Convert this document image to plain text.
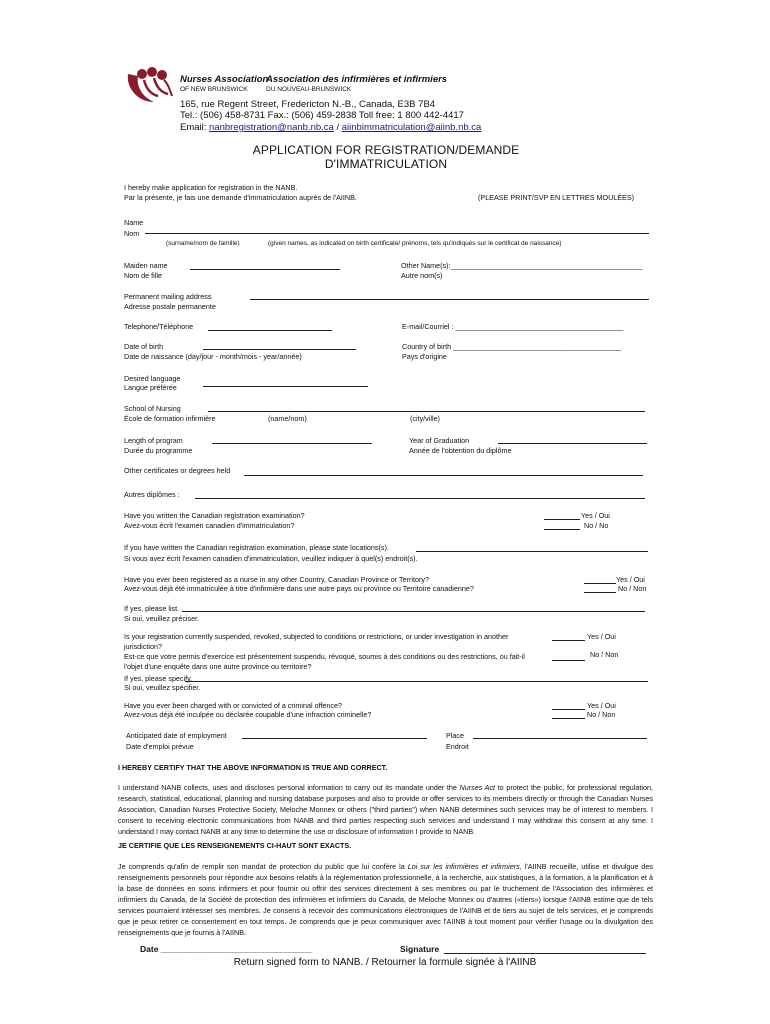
Nurses Association
Association des infirmières et infirmiers
OF NEW BRUNSWICK	DU NOUVEAU-BRUNSWICK
165, rue Regent Street, Fredericton N.-B., Canada, E3B 7B4
Tel.: (506) 458-8731 Fax.: (506) 459-2838 Toll free: 1 800 442-4417
Email: nanbregistration@nanb.nb.ca / aiinbimmatriculation@aiinb.nb.ca
APPLICATION FOR REGISTRATION/DEMANDE
D'IMMATRICULATION
I hereby make application for registration in the NANB.
Par la présente, je fais une demande d'immatriculation auprès de l'AIINB.	(PLEASE PRINT/SVP EN LETTRES MOULÉES)
Name
Nom
(surname/nom de famille)	(given names, as indicated on birth certificate/ prénoms, tels qu'indiqués sur le certificat de naissance)
Maiden name
Nom de fille
Other Name(s):________________________________________________
Autre nom(s)
Permanent mailing address
Adresse postale permanente
Telephone/Téléphone	E-mail/Courriel : __________________________________________
Date of birth
Date de naissance (day/jour - month/mois - year/année)
Country of birth __________________________________________
Pays d'origine
Desired language
Langue préférée
School of Nursing
École de formation infirmière	(name/nom)	(city/ville)
Length of program
Durée du programme
Year of Graduation
Année de l'obtention du diplôme
Other certificates or degrees held
Autres diplômes :
Have you written the Canadian registration examination?
Avez-vous écrit l'examen canadien d'immatriculation?
Yes / Oui
No / No
If you have written the Canadian registration examination, please state locations(s).
Si vous avez écrit l'examen canadien d'immatriculation, veuillez indiquer à quel(s) endroit(s).
Have you ever been registered as a nurse in any other Country, Canadian Province or Territory?
Avez-vous déjà été immatriculée à titre d'infirmière dans une autre pays ou province ou Territoire canadienne?
Yes / Oui
No / Non
If yes, please list.
Si oui, veuillez préciser.
Is your registration currently suspended, revoked, subjected to conditions or restrictions, or under investigation in another
jurisdiction?
Est-ce que votre permis d'exercice est présentement suspendu, révoqué, soumis à des conditions ou des restrictions, ou fait-il
l'objet d'une enquête dans une autre province ou territoire?
Yes / Oui
No / Non
If yes, please specify.
Si oui, veuillez spécifier.
Have you ever been charged with or convicted of a criminal offence?
Avez-vous déjà été inculpée ou déclarée coupable d'une infraction criminelle?
Yes / Oui
No / Non
Anticipated date of employment
Date d'emploi prévue
Place
Endroit
I HEREBY CERTIFY THAT THE ABOVE INFORMATION IS TRUE AND CORRECT.
I understand NANB collects, uses and discloses personal information to carry out its mandate under the Nurses Act to protect the public, for professional regulation, research, statistical, educational, planning and nursing database purposes and also to provide or offer services to its members directly or through the Canadian Nurses Association, Canadian Nurses Protective Society, Meloche Monnex or others ("third parties") when NANB determines such services may be of interest to members. I consent to receiving electronic communications from NANB and third parties respecting such services and understand I may withdraw this consent at any time. I understand I may contact NANB at any time to determine the use or disclosure of information I provide to NANB.
JE CERTIFIE QUE LES RENSEIGNEMENTS CI-HAUT SONT EXACTS.
Je comprends qu'afin de remplir son mandat de protection du public que lui confère la Loi sur les infirmières et infirmiers, l'AIINB recueille, utilise et divulgue des renseignements personnels pour répondre aux besoins relatifs à la réglementation professionnelle, à la recherche, aux statistiques, à la formation, à la planification et à la base de données en soins infirmiers et pour fournir ou offrir des services directement à ses membres ou par le truchement de l'Association des infirmières et infirmiers du Canada, de la Société de protection des infirmières et infirmiers du Canada, de Meloche Monnex ou d'autres («tiers») lorsque l'AIINB estime que de tels services pourraient intéresser ses membres. Je consens à recevoir des communications électroniques de l'AIINB et de tiers au sujet de tels services, et je comprends que je peux retirer ce consentement en tout temps. Je comprends que je peux communiquer avec l'AIINB à tout moment pour vérifier l'usage ou la divulgation des renseignements que je fournis à l'AIINB.
Date ________________________________	Signature
Return signed form to NANB. / Retourner la formule signée à l'AIINB
